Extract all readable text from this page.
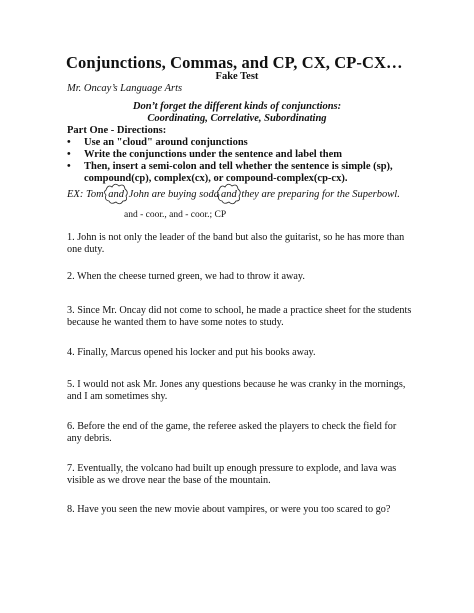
Conjunctions, Commas, and CP, CX, CP-CX…
Fake Test
Mr. Oncay’s Language Arts
Don’t forget the different kinds of conjunctions:
Coordinating, Correlative, Subordinating
Part One - Directions:
• Use an "cloud" around conjunctions
• Write the conjunctions under the sentence and label them
• Then, insert a semi-colon and tell whether the sentence is simple (sp), compound(cp), complex(cx), or compound-complex(cp-cx).
EX: Tom
and John are buying soda and they are preparing for the Superbowl.
and - coor., and - coor.; CP
1. John is not only the leader of the band but also the guitarist, so he has more than one duty.
2. When the cheese turned green, we had to throw it away.
3. Since Mr. Oncay did not come to school, he made a practice sheet for the students because he wanted them to have some notes to study.
4. Finally, Marcus opened his locker and put his books away.
5. I would not ask Mr. Jones any questions because he was cranky in the mornings, and I am sometimes shy.
6. Before the end of the game, the referee asked the players to check the field for any debris.
7. Eventually, the volcano had built up enough pressure to explode, and lava was visible as we drove near the base of the mountain.
8. Have you seen the new movie about vampires, or were you too scared to go?
